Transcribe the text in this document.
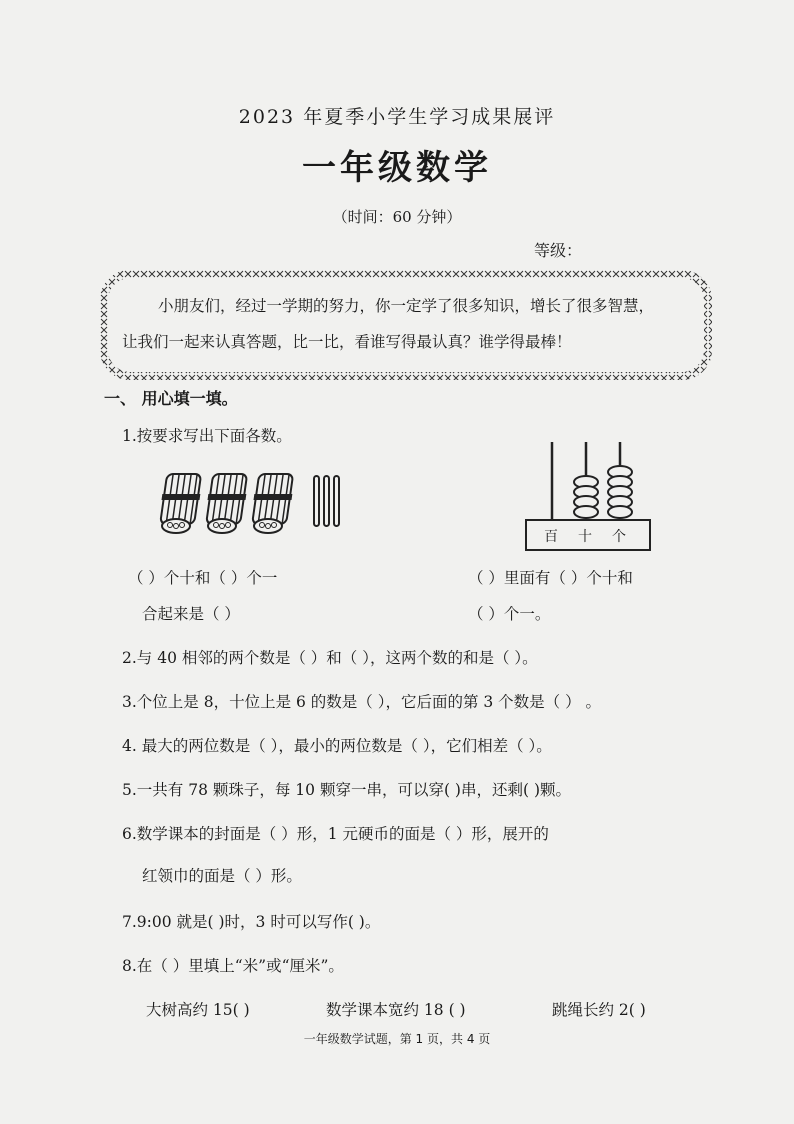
2023 年夏季小学生学习成果展评
一年级数学
（时间：60 分钟）
等级：
小朋友们，经过一学期的努力，你一定学了很多知识，增长了很多智慧，
让我们一起来认真答题，比一比，看谁写得最认真？谁学得最棒！
一、 用心填一填。
1.按要求写出下面各数。
百 十 个
（ ）个十和（ ）个一
合起来是（ ）
（ ）里面有（ ）个十和
（ ）个一。
2.与 40 相邻的两个数是（ ）和（ ），这两个数的和是（ ）。
3.个位上是 8，十位上是 6 的数是（ ），它后面的第 3 个数是（ ） 。
4. 最大的两位数是（ ），最小的两位数是（ ），它们相差（ ）。
5.一共有 78 颗珠子，每 10 颗穿一串，可以穿( )串，还剩( )颗。
6.数学课本的封面是（ ）形，1 元硬币的面是（ ）形，展开的
红领巾的面是（ ）形。
7.9:00 就是( )时，3 时可以写作( )。
8.在（ ）里填上“米”或“厘米”。
大树高约 15( )	数学课本宽约 18 ( )	跳绳长约 2( )
一年级数学试题，第 1 页，共 4 页
